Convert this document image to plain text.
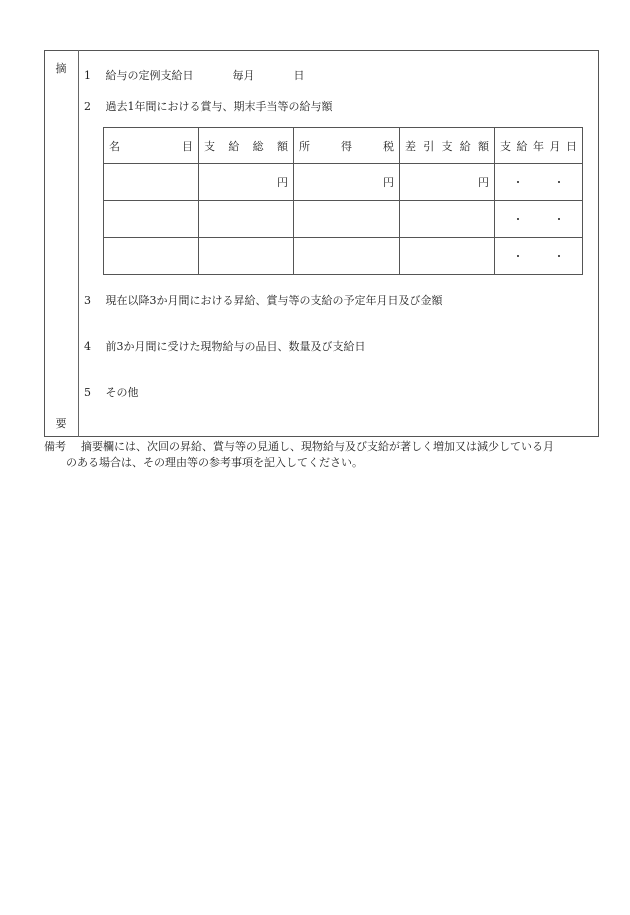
摘
要
1 給与の定例支給日	毎月	日
2 過去1年間における賞与、期末手当等の給与額
名 目	支 給 総 額	所 得 税	差 引 支 給 額	支 給 年 月 日

	円	円	円	・ ・

				・ ・

				・ ・
3 現在以降3か月間における昇給、賞与等の支給の予定年月日及び金額
4 前3か月間に受けた現物給与の品目、数量及び支給日
5 その他
備考 摘要欄には、次回の昇給、賞与等の見通し、現物給与及び支給が著しく増加又は減少している月
のある場合は、その理由等の参考事項を記入してください。
